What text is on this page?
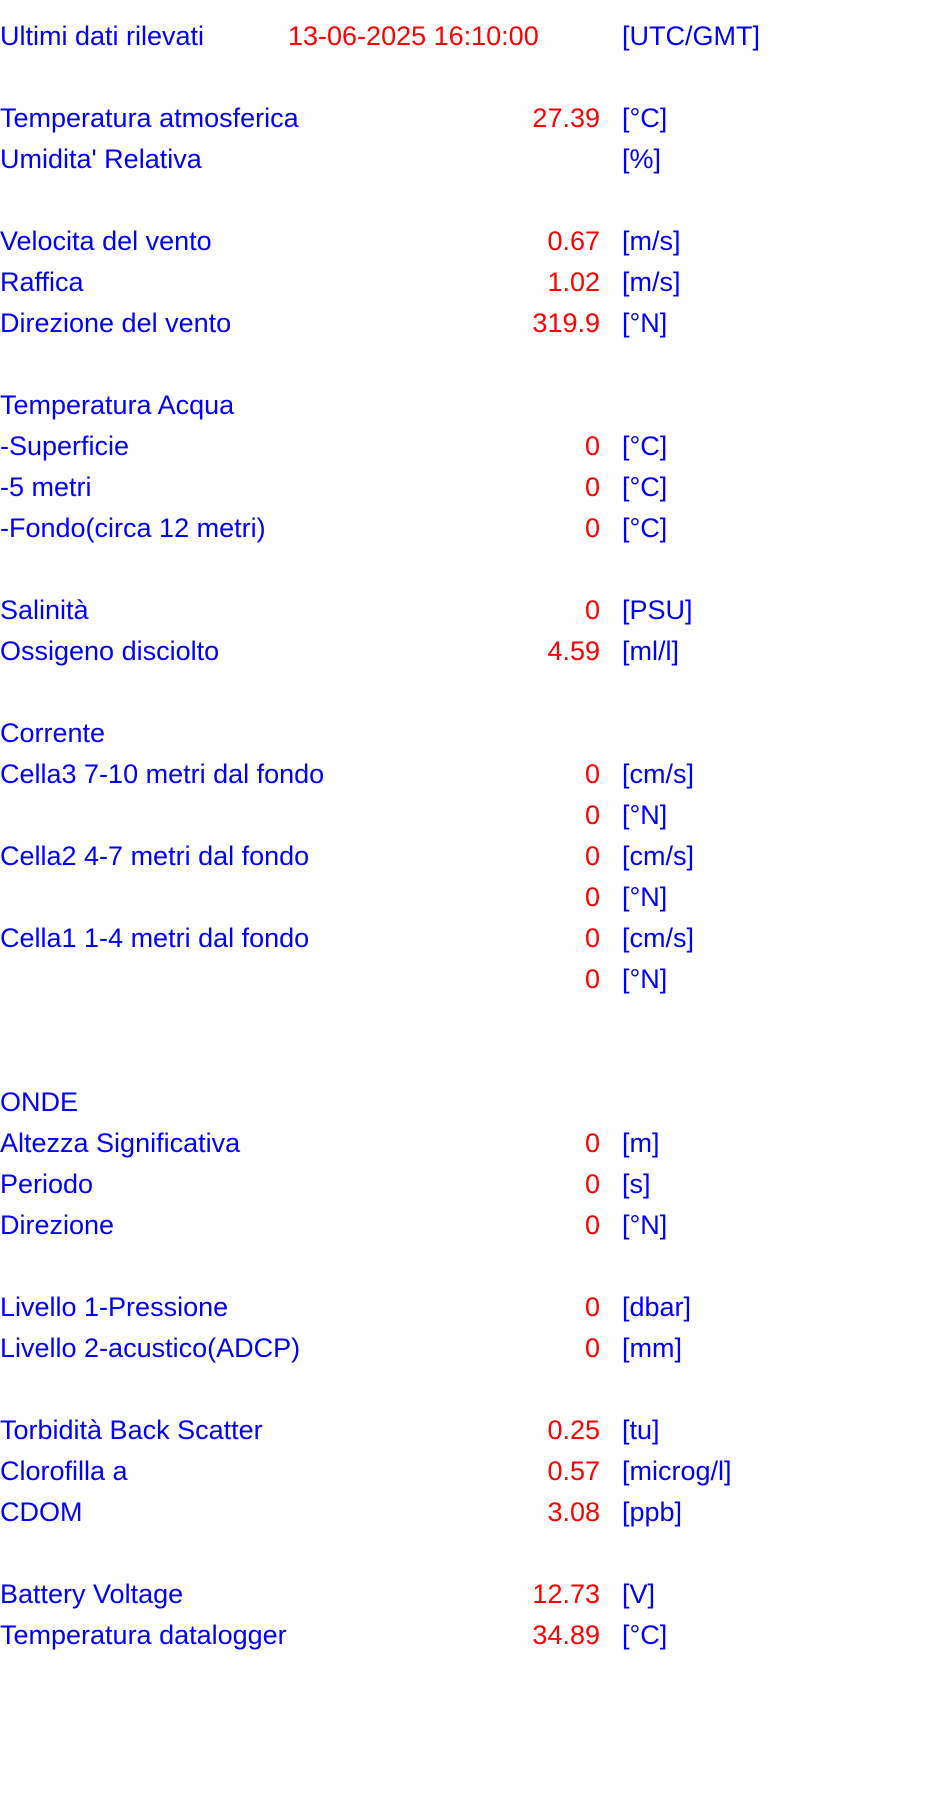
Ultimi dati rilevati	13-06-2025 16:10:00	[UTC/GMT]
Temperatura atmosferica	27.39 [°C]
Umidita' Relativa	[%]
Velocita del vento	0.67 [m/s]
Raffica	1.02 [m/s]
Direzione del vento	319.9 [°N]
Temperatura Acqua
-Superficie	0 [°C]
-5 metri	0 [°C]
-Fondo(circa 12 metri)	0 [°C]
Salinità	0 [PSU]
Ossigeno disciolto	4.59 [ml/l]
Corrente
Cella3 7-10 metri dal fondo	0 [cm/s]
0 [°N]
Cella2 4-7 metri dal fondo	0 [cm/s]
0 [°N]
Cella1 1-4 metri dal fondo	0 [cm/s]
0 [°N]
ONDE
Altezza Significativa	0 [m]
Periodo	0 [s]
Direzione	0 [°N]
Livello 1-Pressione	0 [dbar]
Livello 2-acustico(ADCP)	0 [mm]
Torbidità Back Scatter	0.25 [tu]
Clorofilla a	0.57 [microg/l]
CDOM	3.08 [ppb]
Battery Voltage	12.73 [V]
Temperatura datalogger	34.89 [°C]
